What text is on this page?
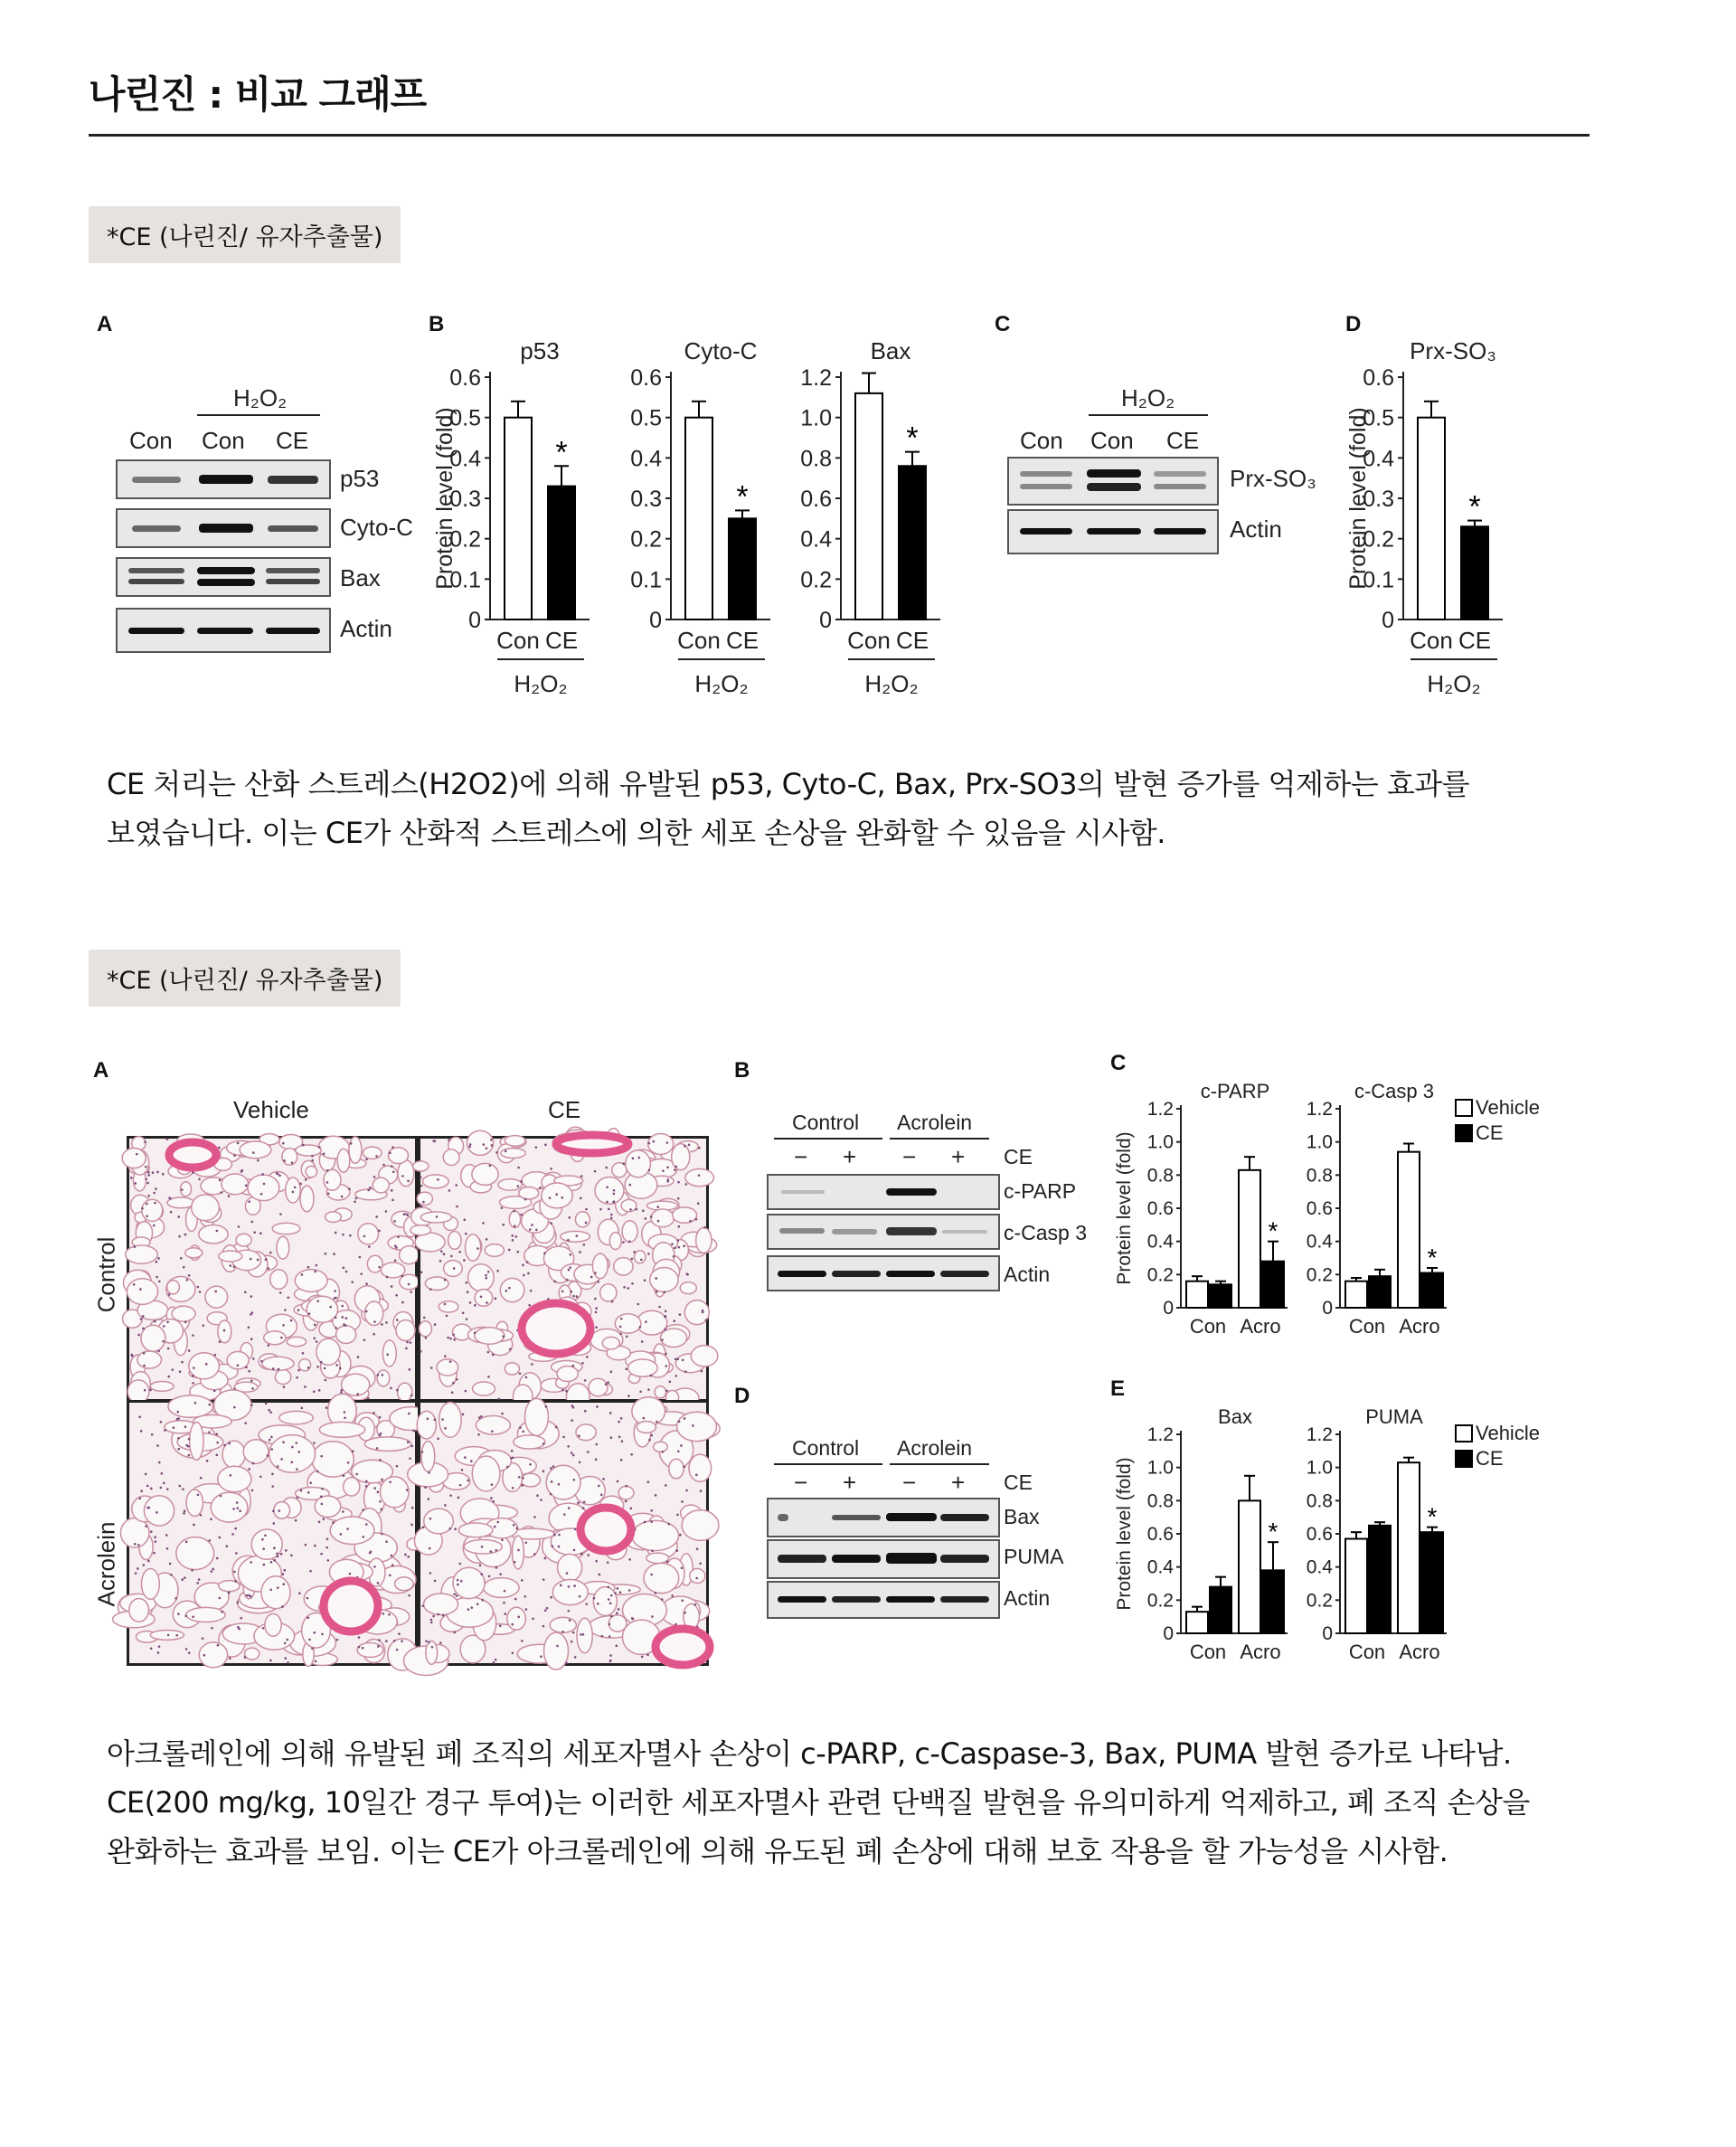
나린진 : 비교 그래프
*CE (나린진/ 유자추출물)
A
H₂O₂
Con Con CE
p53
Cyto-C
Bax
Actin
B
p53
0
0.1
0.2
0.3
0.4
0.5
0.6
Con CE
*
H₂O₂
Protein level (fold)
Cyto-C
0
0.1
0.2
0.3
0.4
0.5
0.6
Con CE
*
H₂O₂
Bax
0
0.2
0.4
0.6
0.8
1.0
1.2
Con CE
*
H₂O₂
C
H₂O₂
Con Con CE
Prx-SO₃
Actin
D
Prx-SO₃
0
0.1
0.2
0.3
0.4
0.5
0.6
Con CE
*
H₂O₂
Protein level (fold)
CE 처리는 산화 스트레스(H2O2)에 의해 유발된 p53, Cyto-C, Bax, Prx-SO3의 발현 증가를 억제하는 효과를
보였습니다. 이는 CE가 산화적 스트레스에 의한 세포 손상을 완화할 수 있음을 시사함.
*CE (나린진/ 유자추출물)
A
Vehicle	CE
Control
Acrolein
B
Control Acrolein
− + − + CE
c-PARP
c-Casp 3
Actin
C
c-PARP
0
0.2
0.4
0.6
0.8
1.0
1.2
Con
*
Acro
Protein level (fold)
c-Casp 3
0
0.2
0.4
0.6
0.8
1.0
1.2
Con
*
Acro
Vehicle
CE
D
Control Acrolein
− + − + CE
Bax
PUMA
Actin
E
Bax
0
0.2
0.4
0.6
0.8
1.0
1.2
Con
*
Acro
Protein level (fold)
PUMA
0
0.2
0.4
0.6
0.8
1.0
1.2
Con
*
Acro
Vehicle
CE
아크롤레인에 의해 유발된 폐 조직의 세포자멸사 손상이 c-PARP, c-Caspase-3, Bax, PUMA 발현 증가로 나타남.
CE(200 mg/kg, 10일간 경구 투여)는 이러한 세포자멸사 관련 단백질 발현을 유의미하게 억제하고, 폐 조직 손상을
완화하는 효과를 보임. 이는 CE가 아크롤레인에 의해 유도된 폐 손상에 대해 보호 작용을 할 가능성을 시사함.
